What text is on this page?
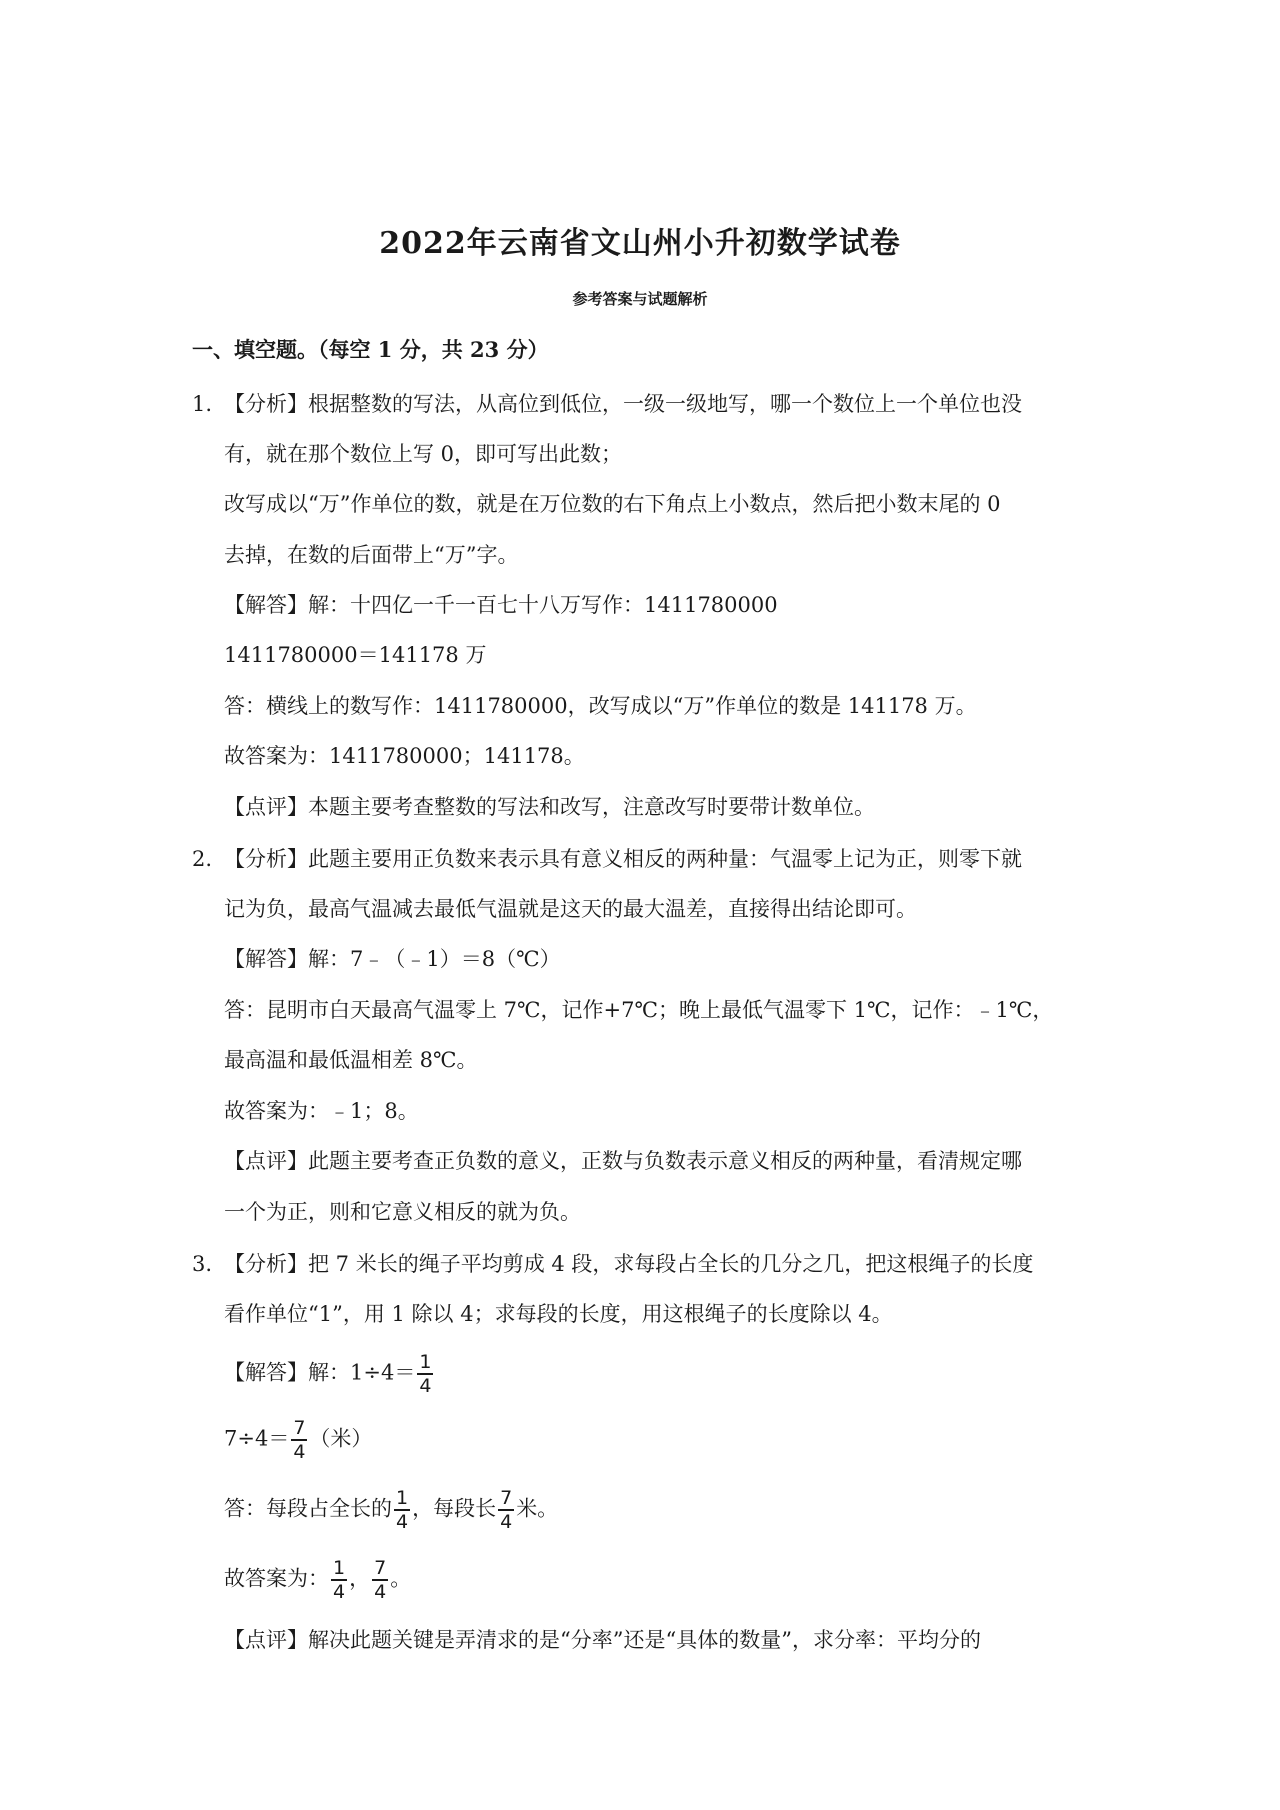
2022年云南省文山州小升初数学试卷
参考答案与试题解析
一、填空题。（每空 1 分，共 23 分）
1. 【分析】根据整数的写法，从高位到低位，一级一级地写，哪一个数位上一个单位也没
有，就在那个数位上写 0，即可写出此数；
改写成以“万”作单位的数，就是在万位数的右下角点上小数点，然后把小数末尾的 0
去掉，在数的后面带上“万”字。
【解答】解：十四亿一千一百七十八万写作：1411780000
1411780000＝141178 万
答：横线上的数写作：1411780000，改写成以“万”作单位的数是 141178 万。
故答案为：1411780000；141178。
【点评】本题主要考查整数的写法和改写，注意改写时要带计数单位。
2. 【分析】此题主要用正负数来表示具有意义相反的两种量：气温零上记为正，则零下就
记为负，最高气温减去最低气温就是这天的最大温差，直接得出结论即可。
【解答】解：7﹣（﹣1）＝8（℃）
答：昆明市白天最高气温零上 7℃，记作+7℃；晚上最低气温零下 1℃，记作：﹣1℃，
最高温和最低温相差 8℃。
故答案为：﹣1；8。
【点评】此题主要考查正负数的意义，正数与负数表示意义相反的两种量，看清规定哪
一个为正，则和它意义相反的就为负。
3. 【分析】把 7 米长的绳子平均剪成 4 段，求每段占全长的几分之几，把这根绳子的长度
看作单位“1”，用 1 除以 4；求每段的长度，用这根绳子的长度除以 4。
【解答】解：$1\div 4= \frac{1}{4}$
$7\div 4= \frac{7}{4}$ （米）
答：每段占全长的 $\frac{1}{4}$ ，每段长 $\frac{7}{4}$ 米。
故答案为： $\frac{1}{4}$ ， $\frac{7}{4}$ 。
【点评】解决此题关键是弄清求的是“分率”还是“具体的数量”，求分率：平均分的
